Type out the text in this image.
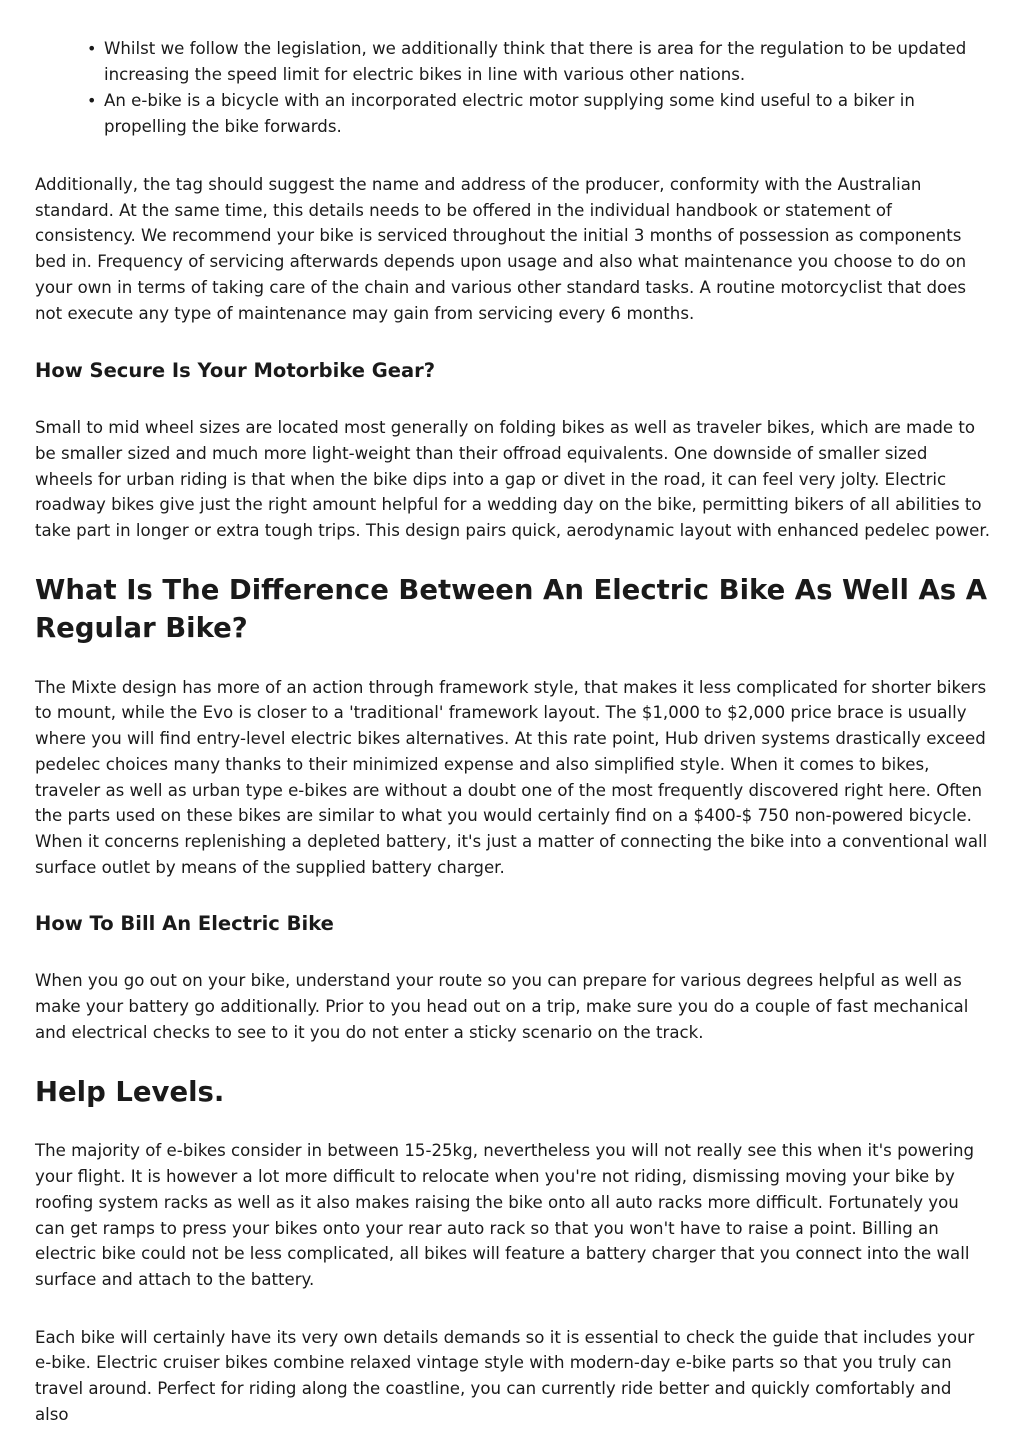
• Whilst we follow the legislation, we additionally think that there is area for the regulation to be updated increasing the speed limit for electric bikes in line with various other nations.
• An e-bike is a bicycle with an incorporated electric motor supplying some kind useful to a biker in propelling the bike forwards.

Additionally, the tag should suggest the name and address of the producer, conformity with the Australian standard. At the same time, this details needs to be offered in the individual handbook or statement of consistency. We recommend your bike is serviced throughout the initial 3 months of possession as components bed in. Frequency of servicing afterwards depends upon usage and also what maintenance you choose to do on your own in terms of taking care of the chain and various other standard tasks. A routine motorcyclist that does not execute any type of maintenance may gain from servicing every 6 months.

How Secure Is Your Motorbike Gear?

Small to mid wheel sizes are located most generally on folding bikes as well as traveler bikes, which are made to be smaller sized and much more light-weight than their offroad equivalents. One downside of smaller sized wheels for urban riding is that when the bike dips into a gap or divet in the road, it can feel very jolty. Electric roadway bikes give just the right amount helpful for a wedding day on the bike, permitting bikers of all abilities to take part in longer or extra tough trips. This design pairs quick, aerodynamic layout with enhanced pedelec power.

What Is The Difference Between An Electric Bike As Well As A Regular Bike?

The Mixte design has more of an action through framework style, that makes it less complicated for shorter bikers to mount, while the Evo is closer to a 'traditional' framework layout. The $1,000 to $2,000 price brace is usually where you will find entry-level electric bikes alternatives. At this rate point, Hub driven systems drastically exceed pedelec choices many thanks to their minimized expense and also simplified style. When it comes to bikes, traveler as well as urban type e-bikes are without a doubt one of the most frequently discovered right here. Often the parts used on these bikes are similar to what you would certainly find on a $400-$ 750 non-powered bicycle. When it concerns replenishing a depleted battery, it's just a matter of connecting the bike into a conventional wall surface outlet by means of the supplied battery charger.

How To Bill An Electric Bike

When you go out on your bike, understand your route so you can prepare for various degrees helpful as well as make your battery go additionally. Prior to you head out on a trip, make sure you do a couple of fast mechanical and electrical checks to see to it you do not enter a sticky scenario on the track.

Help Levels.

The majority of e-bikes consider in between 15-25kg, nevertheless you will not really see this when it's powering your flight. It is however a lot more difficult to relocate when you're not riding, dismissing moving your bike by roofing system racks as well as it also makes raising the bike onto all auto racks more difficult. Fortunately you can get ramps to press your bikes onto your rear auto rack so that you won't have to raise a point. Billing an electric bike could not be less complicated, all bikes will feature a battery charger that you connect into the wall surface and attach to the battery.

Each bike will certainly have its very own details demands so it is essential to check the guide that includes your e-bike. Electric cruiser bikes combine relaxed vintage style with modern-day e-bike parts so that you truly can travel around. Perfect for riding along the coastline, you can currently ride better and quickly comfortably and also
